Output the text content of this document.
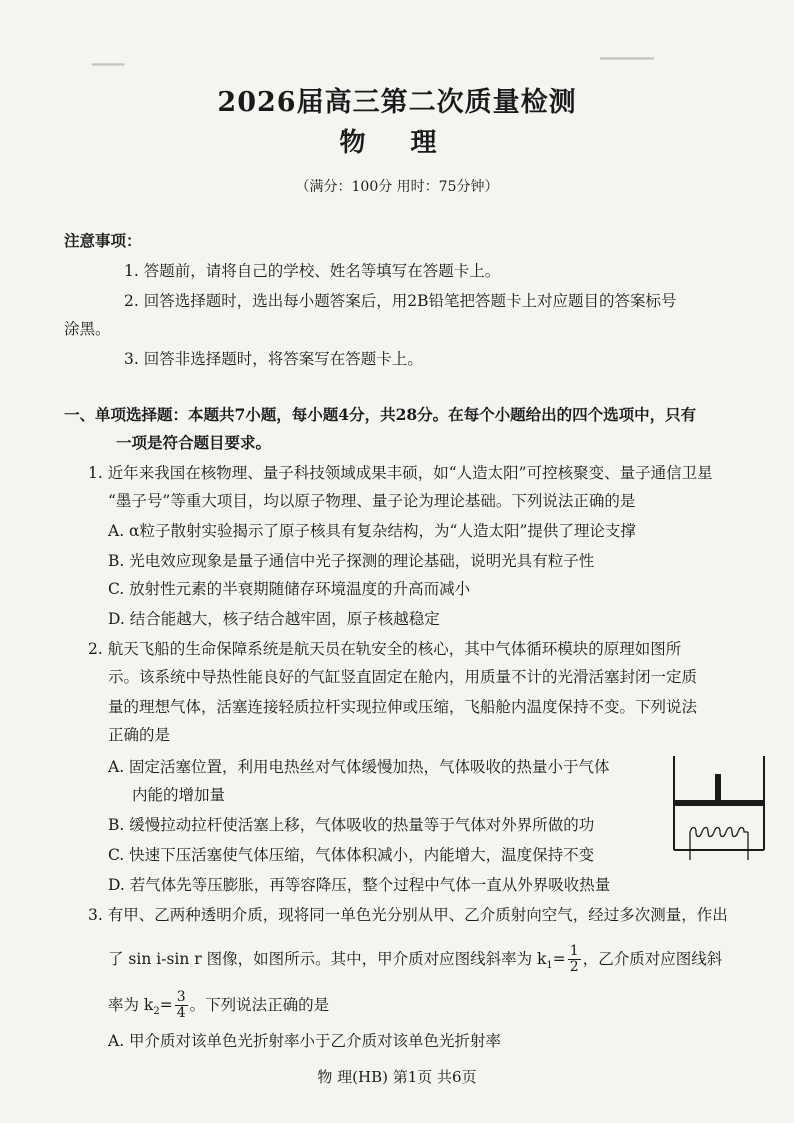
▁▁▁	▁▁▁▁▁
2026届高三第二次质量检测
物 理
（满分：100分 用时：75分钟）
注意事项：
1. 答题前，请将自己的学校、姓名等填写在答题卡上。
2. 回答选择题时，选出每小题答案后，用2B铅笔把答题卡上对应题目的答案标号
涂黑。
3. 回答非选择题时，将答案写在答题卡上。
一、单项选择题：本题共7小题，每小题4分，共28分。在每个小题给出的四个选项中，只有
一项是符合题目要求。
1. 近年来我国在核物理、量子科技领域成果丰硕，如“人造太阳”可控核聚变、量子通信卫星
“墨子号”等重大项目，均以原子物理、量子论为理论基础。下列说法正确的是
A. α粒子散射实验揭示了原子核具有复杂结构，为“人造太阳”提供了理论支撑
B. 光电效应现象是量子通信中光子探测的理论基础，说明光具有粒子性
C. 放射性元素的半衰期随储存环境温度的升高而减小
D. 结合能越大，核子结合越牢固，原子核越稳定
2. 航天飞船的生命保障系统是航天员在轨安全的核心，其中气体循环模块的原理如图所
示。该系统中导热性能良好的气缸竖直固定在舱内，用质量不计的光滑活塞封闭一定质
量的理想气体，活塞连接轻质拉杆实现拉伸或压缩，飞船舱内温度保持不变。下列说法
正确的是
A. 固定活塞位置，利用电热丝对气体缓慢加热，气体吸收的热量小于气体
内能的增加量
B. 缓慢拉动拉杆使活塞上移，气体吸收的热量等于气体对外界所做的功
C. 快速下压活塞使气体压缩，气体体积减小，内能增大，温度保持不变
D. 若气体先等压膨胀，再等容降压，整个过程中气体一直从外界吸收热量
3. 有甲、乙两种透明介质，现将同一单色光分别从甲、乙介质射向空气，经过多次测量，作出
了 sin i-sin r 图像，如图所示。其中，甲介质对应图线斜率为 $k_1= \frac{1}{2}$ ，乙介质对应图线斜
率为 $k_2= \frac{3}{4}$ 。下列说法正确的是
A. 甲介质对该单色光折射率小于乙介质对该单色光折射率
物 理(HB) 第1页 共6页
